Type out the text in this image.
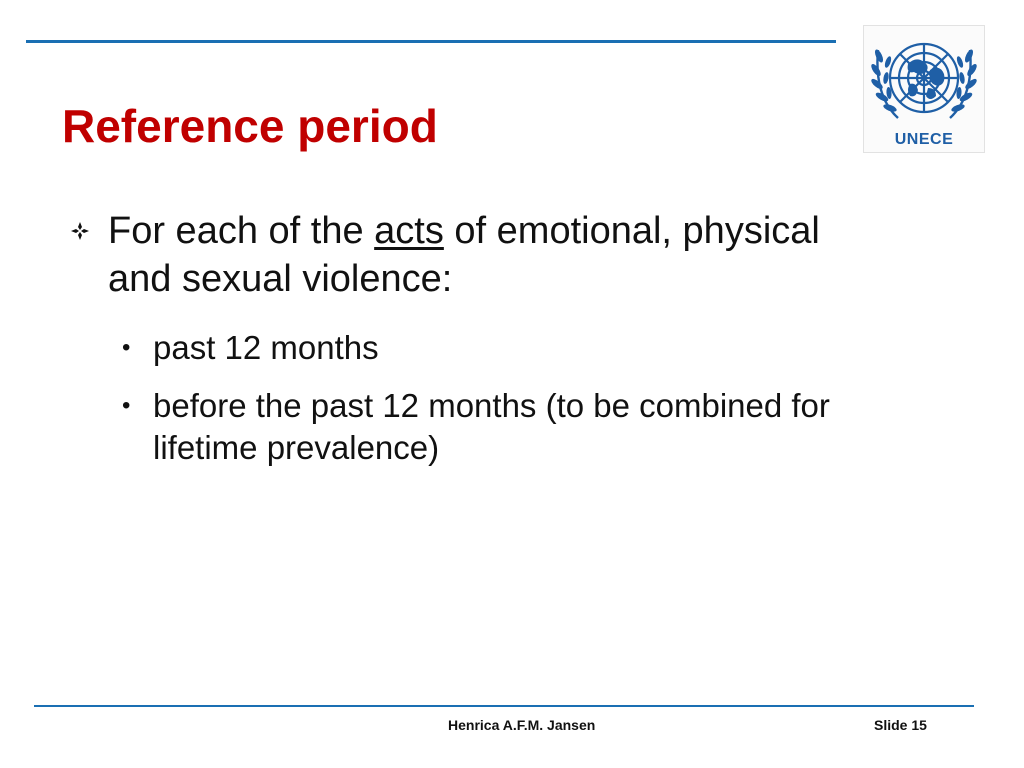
UNECE
Reference period
For each of the acts of emotional, physical and sexual violence:
• past 12 months
• before the past 12 months (to be combined for lifetime prevalence)
Henrica A.F.M. Jansen	Slide 15
